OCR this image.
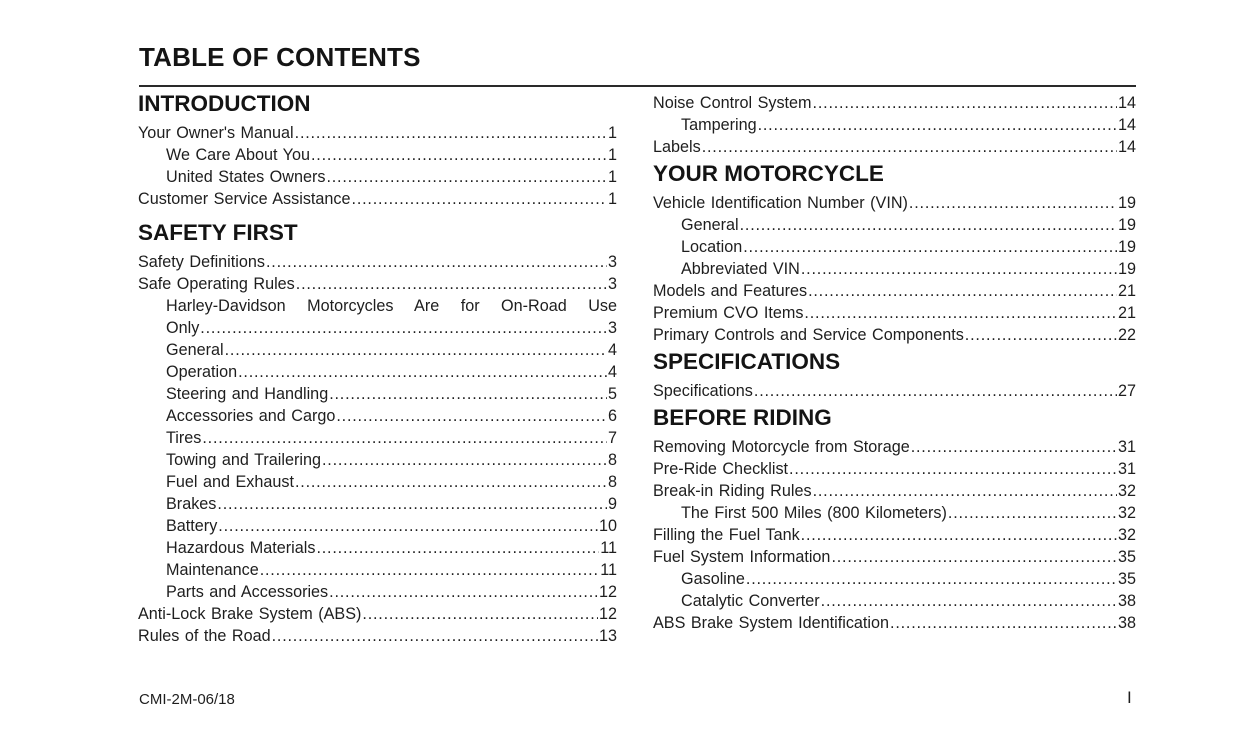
TABLE OF CONTENTS
INTRODUCTION
Your Owner's Manual .....	1
We Care About You .....	1
United States Owners .....	1
Customer Service Assistance .....	1
SAFETY FIRST
Safety Definitions .....	3
Safe Operating Rules .....	3
Harley-Davidson Motorcycles Are for On-Road Use
Only .....	3
General .....	4
Operation .....	4
Steering and Handling .....	5
Accessories and Cargo .....	6
Tires .....	7
Towing and Trailering .....	8
Fuel and Exhaust .....	8
Brakes .....	9
Battery .....	10
Hazardous Materials .....	11
Maintenance .....	11
Parts and Accessories .....	12
Anti-Lock Brake System (ABS) .....	12
Rules of the Road .....	13
Noise Control System .....	14
Tampering .....	14
Labels .....	14
YOUR MOTORCYCLE
Vehicle Identification Number (VIN) .....	19
General .....	19
Location .....	19
Abbreviated VIN .....	19
Models and Features .....	21
Premium CVO Items .....	21
Primary Controls and Service Components .....	22
SPECIFICATIONS
Specifications .....	27
BEFORE RIDING
Removing Motorcycle from Storage .....	31
Pre-Ride Checklist .....	31
Break-in Riding Rules .....	32
The First 500 Miles (800 Kilometers) .....	32
Filling the Fuel Tank .....	32
Fuel System Information .....	35
Gasoline .....	35
Catalytic Converter .....	38
ABS Brake System Identification .....	38
CMI-2M-06/18	I
